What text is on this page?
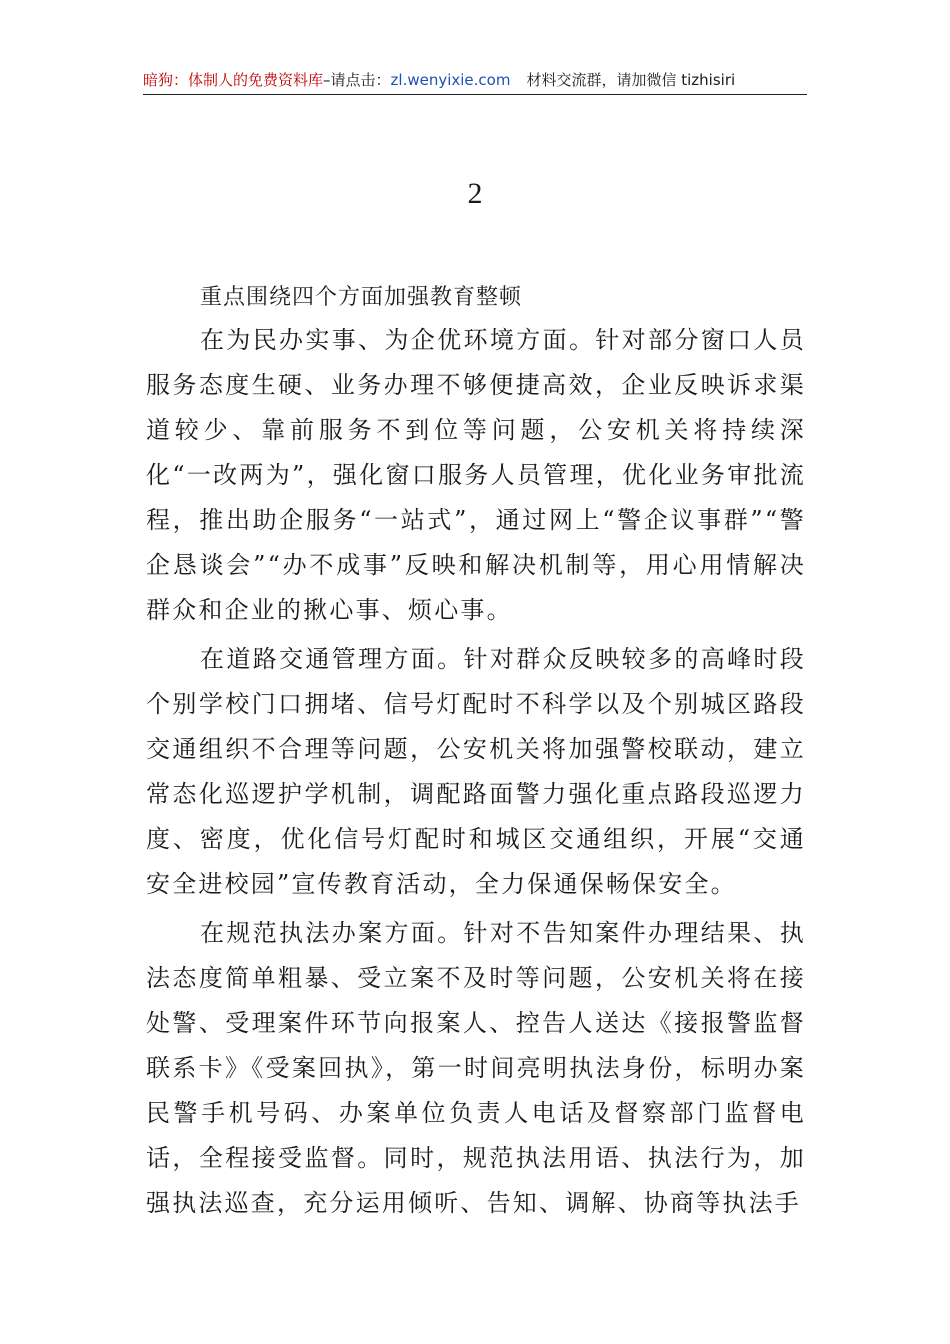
暗狗：体制人的免费资料库–请点击：zl.wenyixie.com 材料交流群，请加微信 tizhisiri
2
重点围绕四个方面加强教育整顿

在为民办实事、为企优环境方面。针对部分窗口人员服务态度生硬、业务办理不够便捷高效，企业反映诉求渠道较少、靠前服务不到位等问题，公安机关将持续深化“一改两为”，强化窗口服务人员管理，优化业务审批流程，推出助企服务“一站式”，通过网上“警企议事群”“警企恳谈会”“办不成事”反映和解决机制等，用心用情解决群众和企业的揪心事、烦心事。

在道路交通管理方面。针对群众反映较多的高峰时段个别学校门口拥堵、信号灯配时不科学以及个别城区路段交通组织不合理等问题，公安机关将加强警校联动，建立常态化巡逻护学机制，调配路面警力强化重点路段巡逻力度、密度，优化信号灯配时和城区交通组织，开展“交通安全进校园”宣传教育活动，全力保通保畅保安全。

在规范执法办案方面。针对不告知案件办理结果、执法态度简单粗暴、受立案不及时等问题，公安机关将在接处警、受理案件环节向报案人、控告人送达《接报警监督联系卡》《受案回执》，第一时间亮明执法身份，标明办案民警手机号码、办案单位负责人电话及督察部门监督电话，全程接受监督。同时，规范执法用语、执法行为，加强执法巡查，充分运用倾听、告知、调解、协商等执法手
